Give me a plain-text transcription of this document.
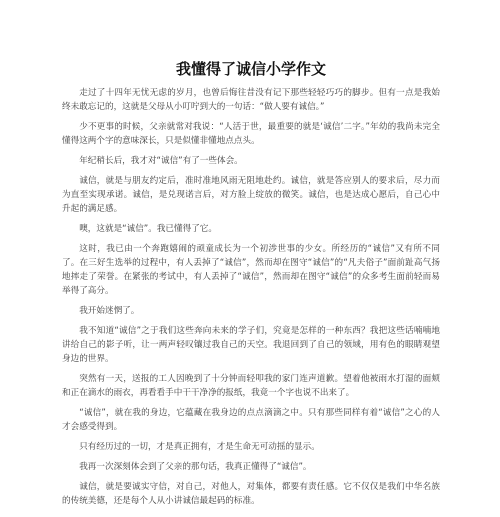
我懂得了诚信小学作文

走过了十四年无忧无虑的岁月，也曾后悔往昔没有记下那些轻轻巧巧的脚步。但有一点是我始终未敢忘记的，这就是父母从小叮咛到大的一句话：“做人要有诚信。”

少不更事的时候，父亲就常对我说：“人活于世，最重要的就是‘诚信’二字。”年幼的我尚未完全懂得这两个字的意味深长，只是似懂非懂地点点头。

年纪稍长后，我才对“诚信”有了一些体会。

诚信，就是与朋友约定后，准时准地风雨无阻地赴约。诚信，就是答应别人的要求后，尽力而为直至实现承诺。诚信，是兑现诺言后，对方脸上绽放的微笑。诚信，也是达成心愿后，自己心中升起的满足感。

噢，这就是“诚信”。我已懂得了它。

这时，我已由一个奔跑嬉闹的顽童成长为一个初涉世事的少女。所经历的“诚信”又有所不同了。在三好生选举的过程中，有人丢掉了“诚信”，然而却在图守“诚信”的“凡夫俗子”面前趾高气扬地摔走了荣誉。在紧张的考试中，有人丢掉了“诚信”，然而却在图守“诚信”的众多考生面前轻而易举得了高分。

我开始迷惘了。

我不知道“诚信”之于我们这些奔向未来的学子们，究竟是怎样的一种东西？我把这些话喃喃地讲给自己的影子听，让一两声轻叹镶过我自己的天空。我退回到了自己的领域，用有色的眼睛观望身边的世界。

突然有一天，送报的工人因晚到了十分钟而轻叩我的家门连声道歉。望着他被雨水打湿的面颊和正在滴水的雨衣，再看看手中干干净净的报纸，我竟一个字也说不出来了。

“诚信”，就在我的身边，它蕴藏在我身边的点点滴滴之中。只有那些同样有着“诚信”之心的人才会感受得到。

只有经历过的一切，才是真正拥有，才是生命无可动摇的显示。

我再一次深刻体会到了父亲的那句话，我真正懂得了“诚信”。

诚信，就是要诚实守信，对自己，对他人，对集体，都要有责任感。它不仅仅是我们中华名族的传统美德，还是每个人从小讲诚信最起码的标准。
